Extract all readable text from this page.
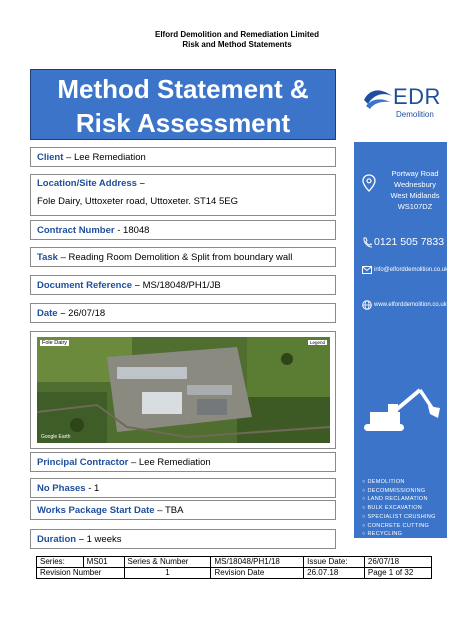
Elford Demolition and Remediation Limited
Risk and Method Statements
Method Statement &
Risk Assessment
Client – Lee Remediation
Location/Site Address –
Fole Dairy, Uttoxeter road, Uttoxeter. ST14 5EG
Contract Number - 18048
Task – Reading Room Demolition & Split from boundary wall
Document Reference – MS/18048/PH1/JB
Date – 26/07/18
Fole Dairy	Legend
Google Earth
Principal Contractor – Lee Remediation
No Phases - 1
Works Package Start Date – TBA
Duration – 1 weeks
Series:	MS01	Series & Number	MS/18048/PH1/18	Issue Date:	26/07/18
Revision Number		1	Revision Date	26.07.18	Page 1 of 32
EDR
Demolition
Portway Road
Wednesbury
West Midlands
WS107DZ
0121 505 7833
info@elforddemolition.co.uk
www.elforddemolition.co.uk
○ DEMOLITION
○ DECOMMISSIONING
○ LAND RECLAMATION
○ BULK EXCAVATION
○ SPECIALIST CRUSHING
○ CONCRETE CUTTING
○ RECYCLING
